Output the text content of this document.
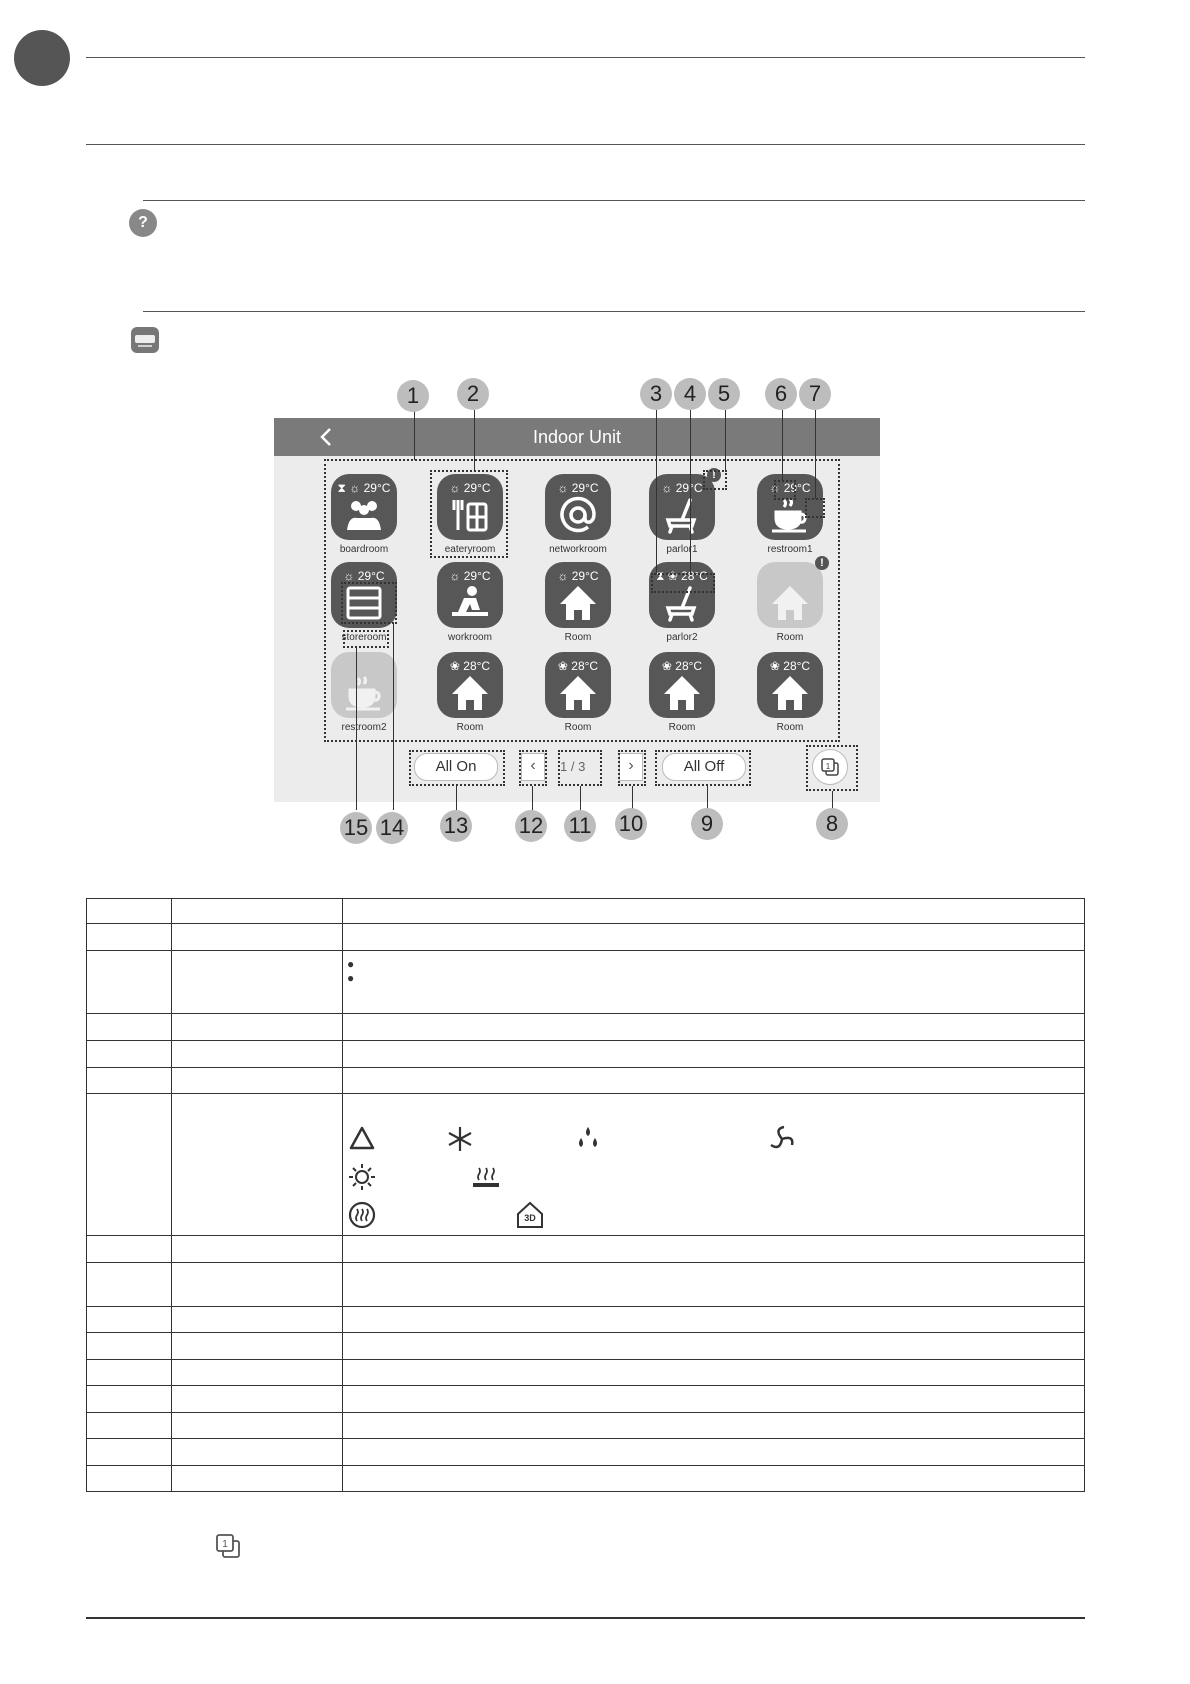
?
Indoor Unit
⧗ ☼ 29°C
boardroom
☼ 29°C
eateryroom
☼ 29°C
networkroom
☼ 29°C
!
parlor1
☼ 29°C
restroom1
☼ 29°C
storeroom
☼ 29°C
workroom
☼ 29°C
Room
⧗ ❀ 28°C
parlor2
!
Room
restroom2
❀ 28°C
Room
❀ 28°C
Room
❀ 28°C
Room
❀ 28°C
Room
All On	‹	1 / 3	›	All Off	1
1	2	3 4 5	6 7
15 14 13 12 11 10	9	8

		●
●

3D

1
